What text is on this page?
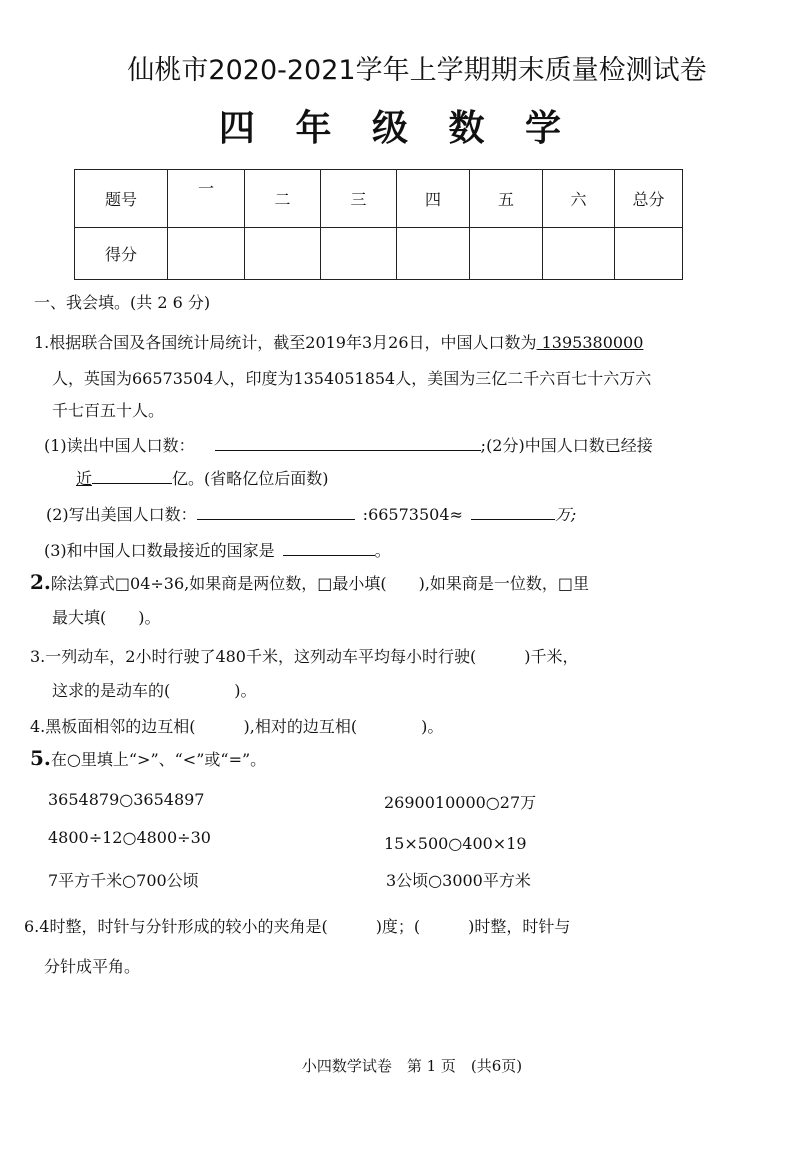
仙桃市2020-2021学年上学期期末质量检测试卷
四 年 级 数 学
题号	一	二	三	四	五	六	总分
得分							
一、我会填。(共 2 6 分)
1.根据联合国及各国统计局统计，截至2019年3月26日，中国人口数为 1395380000
人，英国为66573504人，印度为1354051854人，美国为三亿二千六百七十六万六
千七百五十人。
(1)读出中国人口数：	;(2分)中国人口数已经接
近	亿。(省略亿位后面数)
(2)写出美国人口数：	:66573504≈	万;
(3)和中国人口数最接近的国家是	。
2.除法算式□04÷36,如果商是两位数，□最小填(　　),如果商是一位数，□里
最大填(　　)。
3.一列动车，2小时行驶了480千米，这列动车平均每小时行驶(　　　)千米，
这求的是动车的(　　　　)。
4.黑板面相邻的边互相(　　　),相对的边互相(　　　　)。
5.在○里填上“>”、“<”或“=”。
3654879○3654897	2690010000○27万
4800÷12○4800÷30	15×500○400×19
7平方千米○700公顷	3公顷○3000平方米
6.4时整，时针与分针形成的较小的夹角是(　　　)度；(　　　)时整，时针与
分针成平角。
小四数学试卷　第 1 页　(共6页)
